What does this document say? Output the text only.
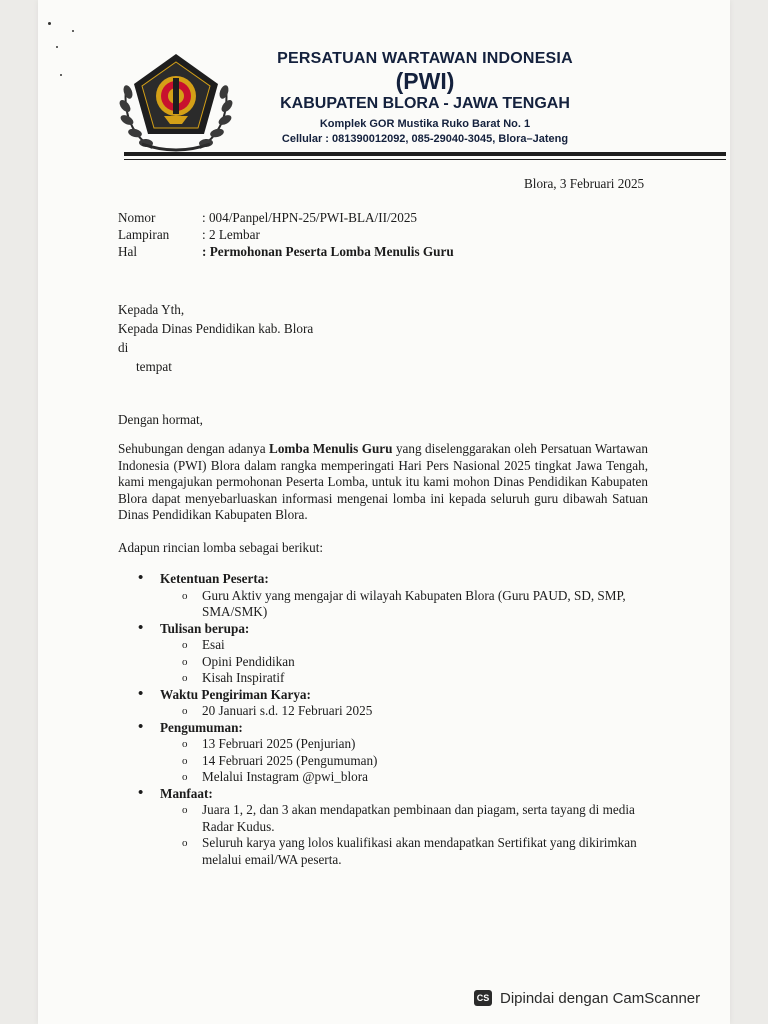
PERSATUAN WARTAWAN INDONESIA
(PWI)
KABUPATEN BLORA - JAWA TENGAH
Komplek GOR Mustika Ruko Barat No. 1
Cellular : 081390012092, 085-29040-3045, Blora–Jateng
Blora, 3 Februari 2025
Nomor	: 004/Panpel/HPN-25/PWI-BLA/II/2025
Lampiran	: 2 Lembar
Hal	: Permohonan Peserta Lomba Menulis Guru
Kepada Yth,
Kepada Dinas Pendidikan kab. Blora
di
tempat
Dengan hormat,
Sehubungan dengan adanya Lomba Menulis Guru yang diselenggarakan oleh Persatuan Wartawan Indonesia (PWI) Blora dalam rangka memperingati Hari Pers Nasional 2025 tingkat Jawa Tengah, kami mengajukan permohonan Peserta Lomba, untuk itu kami mohon Dinas Pendidikan Kabupaten Blora dapat menyebarluaskan informasi mengenai lomba ini kepada seluruh guru dibawah Satuan Dinas Pendidikan Kabupaten Blora.
Adapun rincian lomba sebagai berikut:
• Ketentuan Peserta:
o Guru Aktiv yang mengajar di wilayah Kabupaten Blora (Guru PAUD, SD, SMP, SMA/SMK)
• Tulisan berupa:
o Esai
o Opini Pendidikan
o Kisah Inspiratif
• Waktu Pengiriman Karya:
o 20 Januari s.d. 12 Februari 2025
• Pengumuman:
o 13 Februari 2025 (Penjurian)
o 14 Februari 2025 (Pengumuman)
o Melalui Instagram @pwi_blora
• Manfaat:
o Juara 1, 2, dan 3 akan mendapatkan pembinaan dan piagam, serta tayang di media Radar Kudus.
o Seluruh karya yang lolos kualifikasi akan mendapatkan Sertifikat yang dikirimkan melalui email/WA peserta.
CS Dipindai dengan CamScanner
